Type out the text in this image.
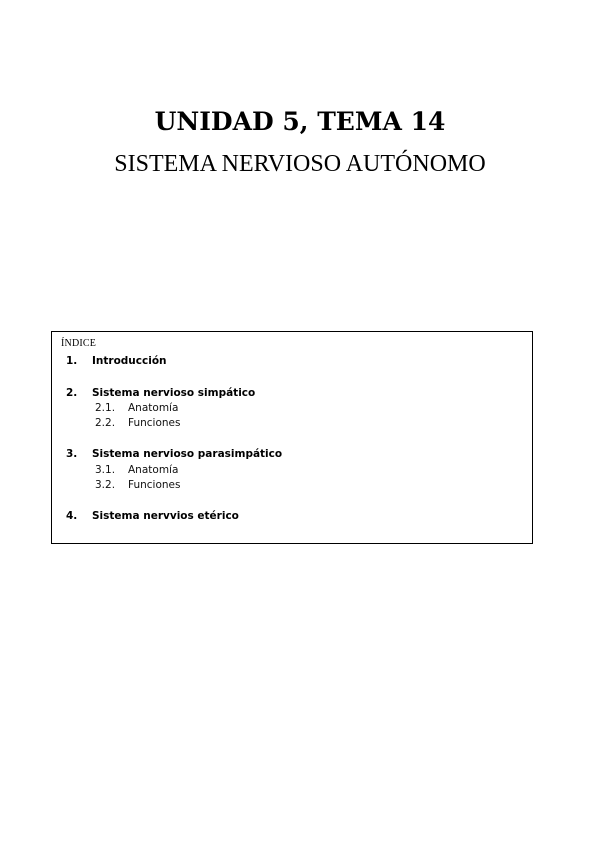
UNIDAD 5, TEMA 14
SISTEMA NERVIOSO AUTÓNOMO
ÍNDICE
1. Introducción
2. Sistema nervioso simpático
2.1. Anatomía
2.2. Funciones
3. Sistema nervioso parasimpático
3.1. Anatomía
3.2. Funciones
4. Sistema nervvios etérico
